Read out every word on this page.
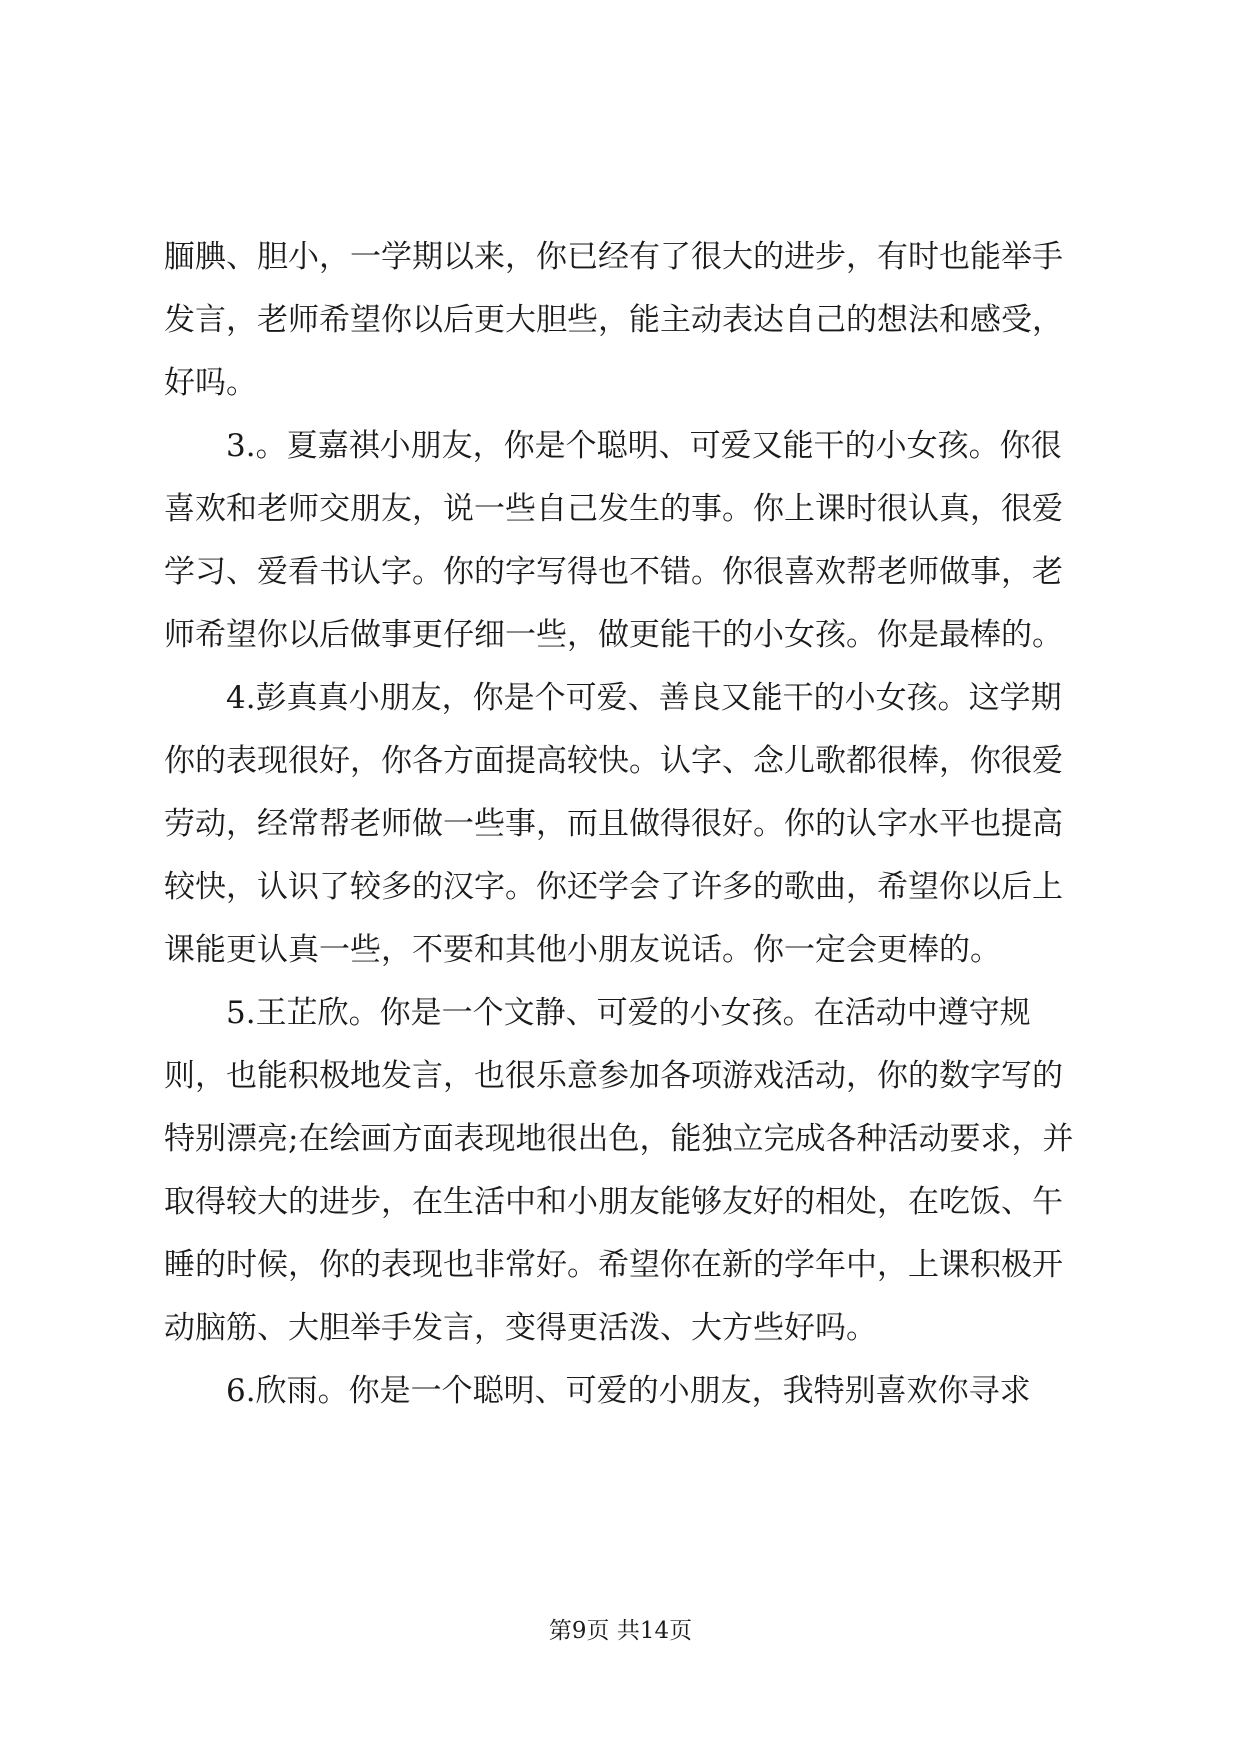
腼腆、胆小，一学期以来，你已经有了很大的进步，有时也能举手发言，老师希望你以后更大胆些，能主动表达自己的想法和感受，好吗。

3.。夏嘉祺小朋友，你是个聪明、可爱又能干的小女孩。你很喜欢和老师交朋友，说一些自己发生的事。你上课时很认真，很爱学习、爱看书认字。你的字写得也不错。你很喜欢帮老师做事，老师希望你以后做事更仔细一些，做更能干的小女孩。你是最棒的。

4.彭真真小朋友，你是个可爱、善良又能干的小女孩。这学期你的表现很好，你各方面提高较快。认字、念儿歌都很棒，你很爱劳动，经常帮老师做一些事，而且做得很好。你的认字水平也提高较快，认识了较多的汉字。你还学会了许多的歌曲，希望你以后上课能更认真一些，不要和其他小朋友说话。你一定会更棒的。

5.王芷欣。你是一个文静、可爱的小女孩。在活动中遵守规则，也能积极地发言，也很乐意参加各项游戏活动，你的数字写的特别漂亮;在绘画方面表现地很出色，能独立完成各种活动要求，并取得较大的进步，在生活中和小朋友能够友好的相处，在吃饭、午睡的时候，你的表现也非常好。希望你在新的学年中，上课积极开动脑筋、大胆举手发言，变得更活泼、大方些好吗。

6.欣雨。你是一个聪明、可爱的小朋友，我特别喜欢你寻求

第9页 共14页
